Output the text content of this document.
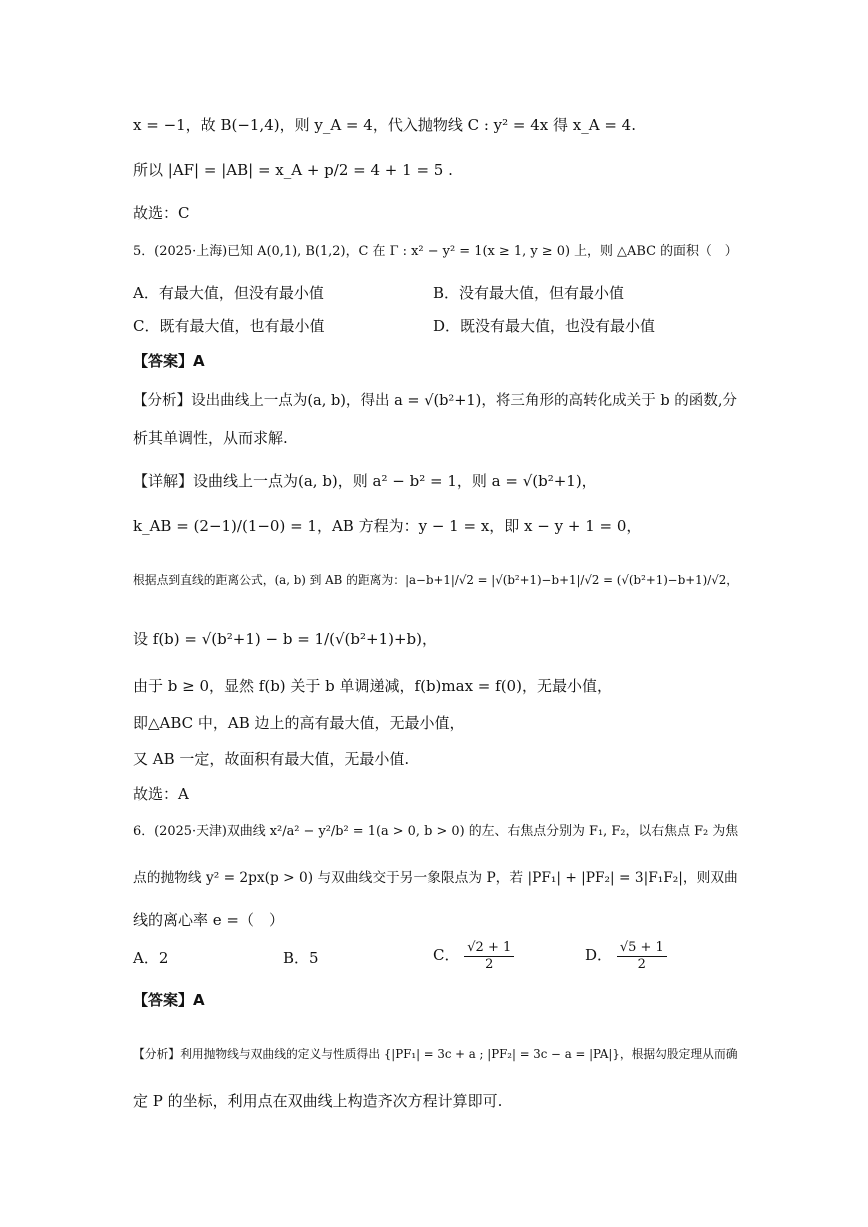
x = −1，故 B(−1,4)，则 y_A = 4，代入抛物线 C : y² = 4x 得 x_A = 4.
所以 |AF| = |AB| = x_A + p/2 = 4 + 1 = 5 .
故选：C
5．(2025·上海)已知 A(0,1), B(1,2)，C 在 Γ : x² − y² = 1(x ≥ 1, y ≥ 0) 上，则 △ABC 的面积（　）
A．有最大值，但没有最小值	B．没有最大值，但有最小值
C．既有最大值，也有最小值	D．既没有最大值，也没有最小值
【答案】A
【分析】设出曲线上一点为(a, b)，得出 a = √(b²+1)，将三角形的高转化成关于 b 的函数,分
析其单调性，从而求解.
【详解】设曲线上一点为(a, b)，则 a² − b² = 1，则 a = √(b²+1)，
k_AB = (2−1)/(1−0) = 1，AB 方程为：y − 1 = x，即 x − y + 1 = 0，
根据点到直线的距离公式，(a, b) 到 AB 的距离为：|a−b+1|/√2 = |√(b²+1)−b+1|/√2 = (√(b²+1)−b+1)/√2，
设 f(b) = √(b²+1) − b = 1/(√(b²+1)+b)，
由于 b ≥ 0，显然 f(b) 关于 b 单调递减，f(b)max = f(0)，无最小值，
即△ABC 中，AB 边上的高有最大值，无最小值，
又 AB 一定，故面积有最大值，无最小值.
故选：A
6．(2025·天津)双曲线 x²/a² − y²/b² = 1(a > 0, b > 0) 的左、右焦点分别为 F₁, F₂，以右焦点 F₂ 为焦
点的抛物线 y² = 2px(p > 0) 与双曲线交于另一象限点为 P，若 |PF₁| + |PF₂| = 3|F₁F₂|，则双曲
线的离心率 e =（　）
A．2	B．5	C． $\frac{√2 + 1}{2}$	D． $\frac{√5 + 1}{2}$
【答案】A
【分析】利用抛物线与双曲线的定义与性质得出 {|PF₁| = 3c + a ; |PF₂| = 3c − a = |PA|}，根据勾股定理从而确
定 P 的坐标，利用点在双曲线上构造齐次方程计算即可.
